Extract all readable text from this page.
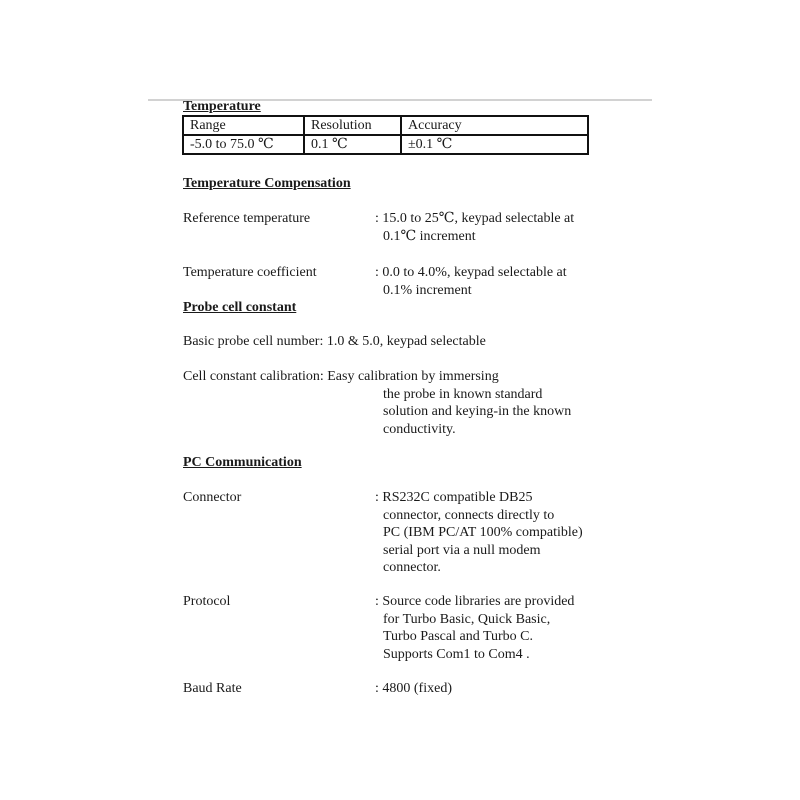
Temperature
Range	Resolution	Accuracy
-5.0 to 75.0 ℃	0.1 ℃	±0.1 ℃
Temperature Compensation
Reference temperature	: 15.0 to 25℃, keypad selectable at
0.1℃ increment
Temperature coefficient	: 0.0 to 4.0%, keypad selectable at
0.1% increment
Probe cell constant
Basic probe cell number: 1.0 & 5.0, keypad selectable
Cell constant calibration: Easy calibration by immersing
the probe in known standard
solution and keying-in the known
conductivity.
PC Communication
Connector	: RS232C compatible DB25
connector, connects directly to
PC (IBM PC/AT 100% compatible)
serial port via a null modem
connector.
Protocol	: Source code libraries are provided
for Turbo Basic, Quick Basic,
Turbo Pascal and Turbo C.
Supports Com1 to Com4 .
Baud Rate	: 4800 (fixed)
